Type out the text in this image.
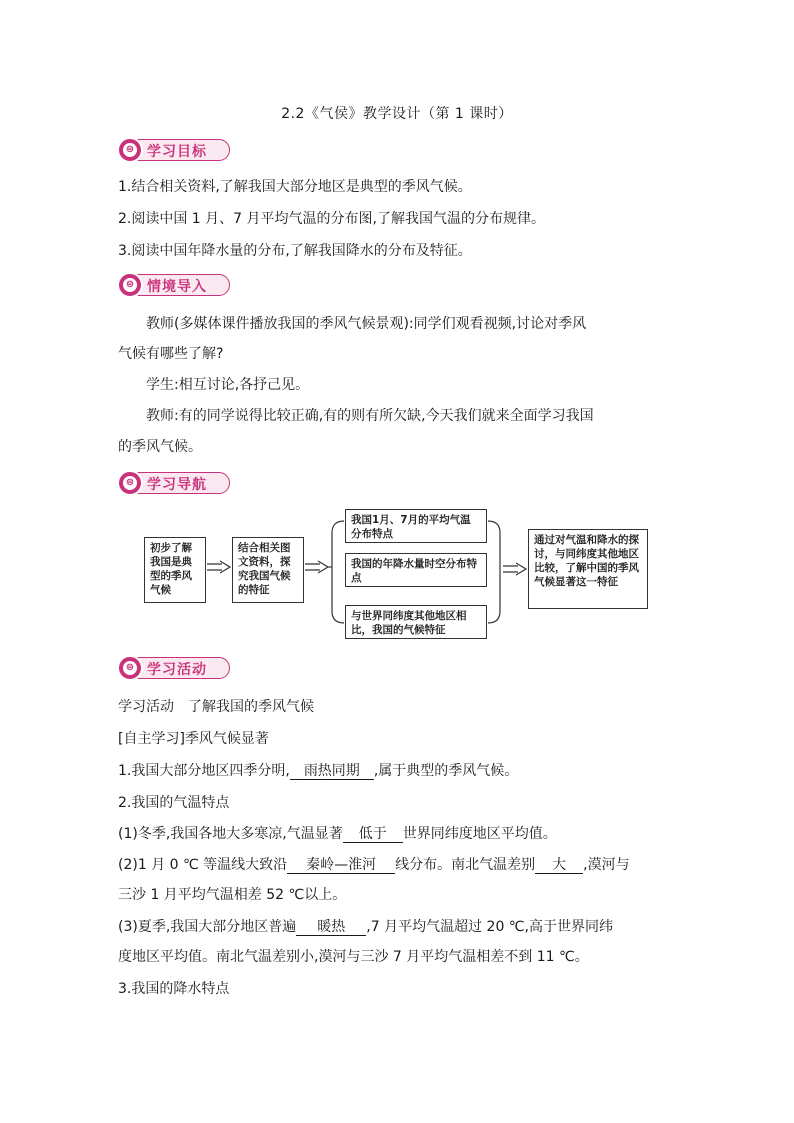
2.2《气侯》教学设计（第 1 课时）
⊜ 学习目标
1.结合相关资料,了解我国大部分地区是典型的季风气候。
2.阅读中国 1 月、7 月平均气温的分布图,了解我国气温的分布规律。
3.阅读中国年降水量的分布,了解我国降水的分布及特征。
⊜ 情境导入
教师(多媒体课件播放我国的季风气候景观):同学们观看视频,讨论对季风
气候有哪些了解?
学生:相互讨论,各抒己见。
教师:有的同学说得比较正确,有的则有所欠缺,今天我们就来全面学习我国
的季风气候。
⊜ 学习导航
初步了解我国是典型的季风气候
结合相关图文资料，探究我国气候的特征
我国1月、7月的平均气温分布特点
我国的年降水量时空分布特点
与世界同纬度其他地区相比，我国的气候特征
通过对气温和降水的探讨，与同纬度其他地区比较，了解中国的季风气候显著这一特征
⊜ 学习活动
学习活动　了解我国的季风气候
[自主学习]季风气候显著
1.我国大部分地区四季分明, 雨热同期 ,属于典型的季风气候。
2.我国的气温特点
(1)冬季,我国各地大多寒凉,气温显著 低于 世界同纬度地区平均值。
(2)1 月 0 ℃ 等温线大致沿 秦岭—淮河 线分布。南北气温差别 大 ,漠河与
三沙 1 月平均气温相差 52 ℃以上。
(3)夏季,我国大部分地区普遍 暖热 ,7 月平均气温超过 20 ℃,高于世界同纬
度地区平均值。南北气温差别小,漠河与三沙 7 月平均气温相差不到 11 ℃。
3.我国的降水特点
